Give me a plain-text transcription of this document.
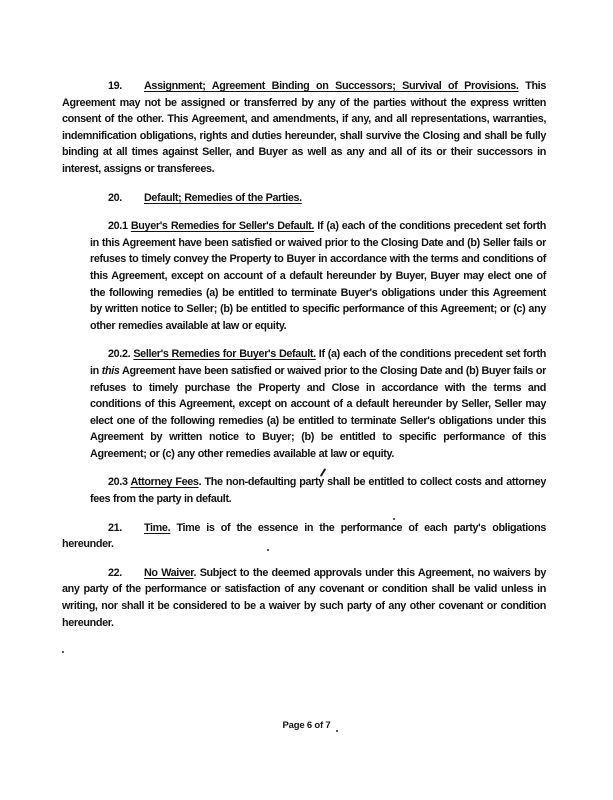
19. Assignment; Agreement Binding on Successors; Survival of Provisions. This Agreement may not be assigned or transferred by any of the parties without the express written consent of the other. This Agreement, and amendments, if any, and all representations, warranties, indemnification obligations, rights and duties hereunder, shall survive the Closing and shall be fully binding at all times against Seller, and Buyer as well as any and all of its or their successors in interest, assigns or transferees.

20. Default; Remedies of the Parties.

20.1 Buyer's Remedies for Seller's Default. If (a) each of the conditions precedent set forth in this Agreement have been satisfied or waived prior to the Closing Date and (b) Seller fails or refuses to timely convey the Property to Buyer in accordance with the terms and conditions of this Agreement, except on account of a default hereunder by Buyer, Buyer may elect one of the following remedies (a) be entitled to terminate Buyer's obligations under this Agreement by written notice to Seller; (b) be entitled to specific performance of this Agreement; or (c) any other remedies available at law or equity.

20.2. Seller's Remedies for Buyer's Default. If (a) each of the conditions precedent set forth in this Agreement have been satisfied or waived prior to the Closing Date and (b) Buyer fails or refuses to timely purchase the Property and Close in accordance with the terms and conditions of this Agreement, except on account of a default hereunder by Seller, Seller may elect one of the following remedies (a) be entitled to terminate Seller's obligations under this Agreement by written notice to Buyer; (b) be entitled to specific performance of this Agreement; or (c) any other remedies available at law or equity.

20.3 Attorney Fees. The non-defaulting party shall be entitled to collect costs and attorney fees from the party in default.

21. Time. Time is of the essence in the performance of each party's obligations hereunder.

22. No Waiver. Subject to the deemed approvals under this Agreement, no waivers by any party of the performance or satisfaction of any covenant or condition shall be valid unless in writing, nor shall it be considered to be a waiver by such party of any other covenant or condition hereunder.

Page 6 of 7
